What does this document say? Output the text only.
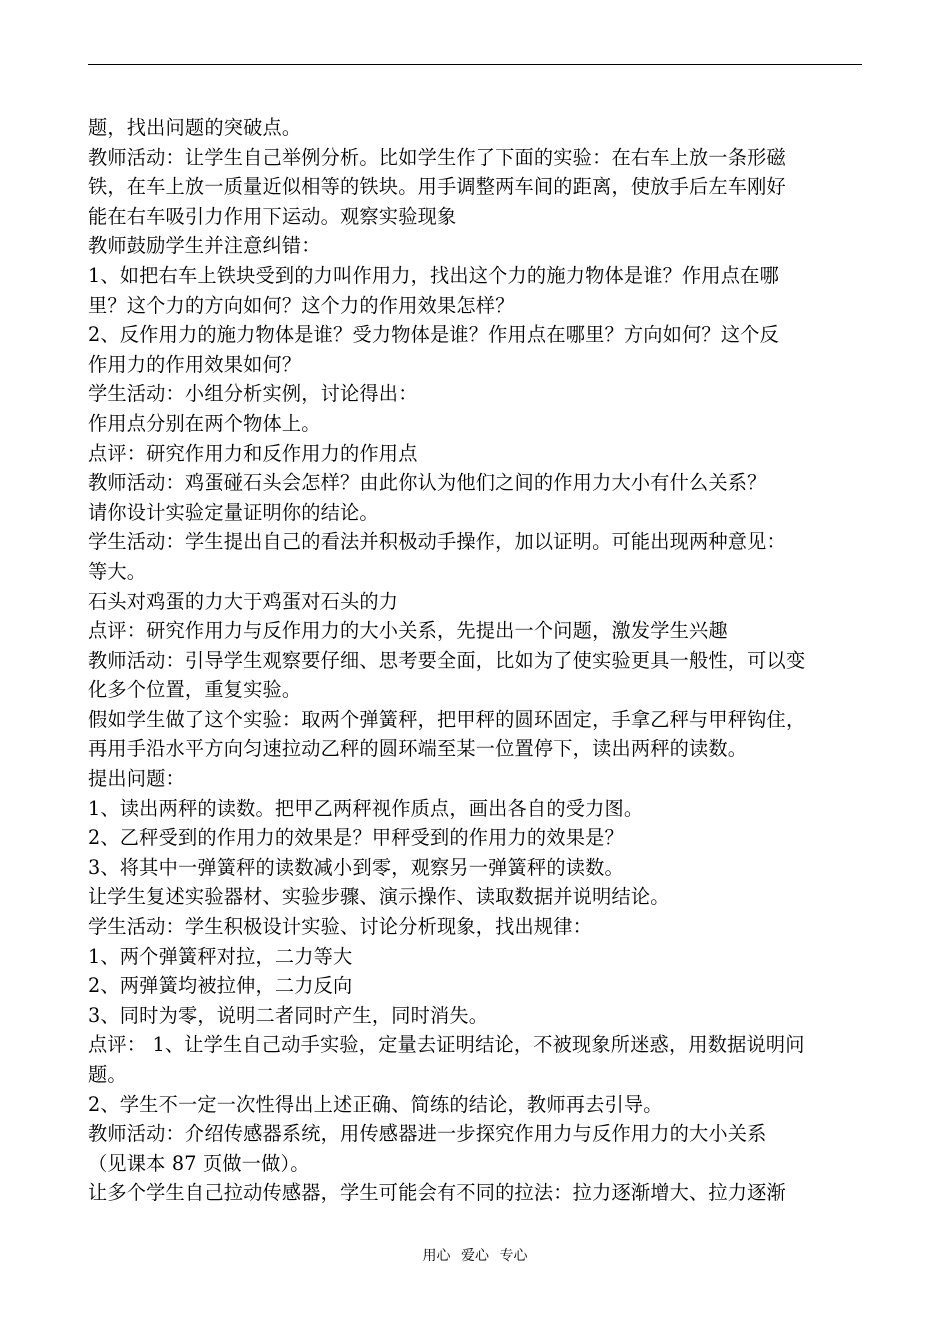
题，找出问题的突破点。
教师活动：让学生自己举例分析。比如学生作了下面的实验：在右车上放一条形磁
铁，在车上放一质量近似相等的铁块。用手调整两车间的距离，使放手后左车刚好
能在右车吸引力作用下运动。观察实验现象
教师鼓励学生并注意纠错：
1、如把右车上铁块受到的力叫作用力，找出这个力的施力物体是谁？作用点在哪
里？这个力的方向如何？这个力的作用效果怎样？
2、反作用力的施力物体是谁？受力物体是谁？作用点在哪里？方向如何？这个反
作用力的作用效果如何？
学生活动：小组分析实例，讨论得出：
作用点分别在两个物体上。
点评：研究作用力和反作用力的作用点
教师活动：鸡蛋碰石头会怎样？由此你认为他们之间的作用力大小有什么关系？
请你设计实验定量证明你的结论。
学生活动：学生提出自己的看法并积极动手操作，加以证明。可能出现两种意见：
等大。
石头对鸡蛋的力大于鸡蛋对石头的力
点评：研究作用力与反作用力的大小关系，先提出一个问题，激发学生兴趣
教师活动：引导学生观察要仔细、思考要全面，比如为了使实验更具一般性，可以变
化多个位置，重复实验。
假如学生做了这个实验：取两个弹簧秤，把甲秤的圆环固定，手拿乙秤与甲秤钩住，
再用手沿水平方向匀速拉动乙秤的圆环端至某一位置停下，读出两秤的读数。
提出问题：
1、读出两秤的读数。把甲乙两秤视作质点，画出各自的受力图。
2、乙秤受到的作用力的效果是？甲秤受到的作用力的效果是？
3、将其中一弹簧秤的读数减小到零，观察另一弹簧秤的读数。
让学生复述实验器材、实验步骤、演示操作、读取数据并说明结论。
学生活动：学生积极设计实验、讨论分析现象，找出规律：
1、两个弹簧秤对拉，二力等大
2、两弹簧均被拉伸，二力反向
3、同时为零，说明二者同时产生，同时消失。
点评： 1、让学生自己动手实验，定量去证明结论，不被现象所迷惑，用数据说明问
题。
2、学生不一定一次性得出上述正确、简练的结论，教师再去引导。
教师活动：介绍传感器系统，用传感器进一步探究作用力与反作用力的大小关系
（见课本 87 页做一做）。
让多个学生自己拉动传感器，学生可能会有不同的拉法：拉力逐渐增大、拉力逐渐
用心 爱心 专心
